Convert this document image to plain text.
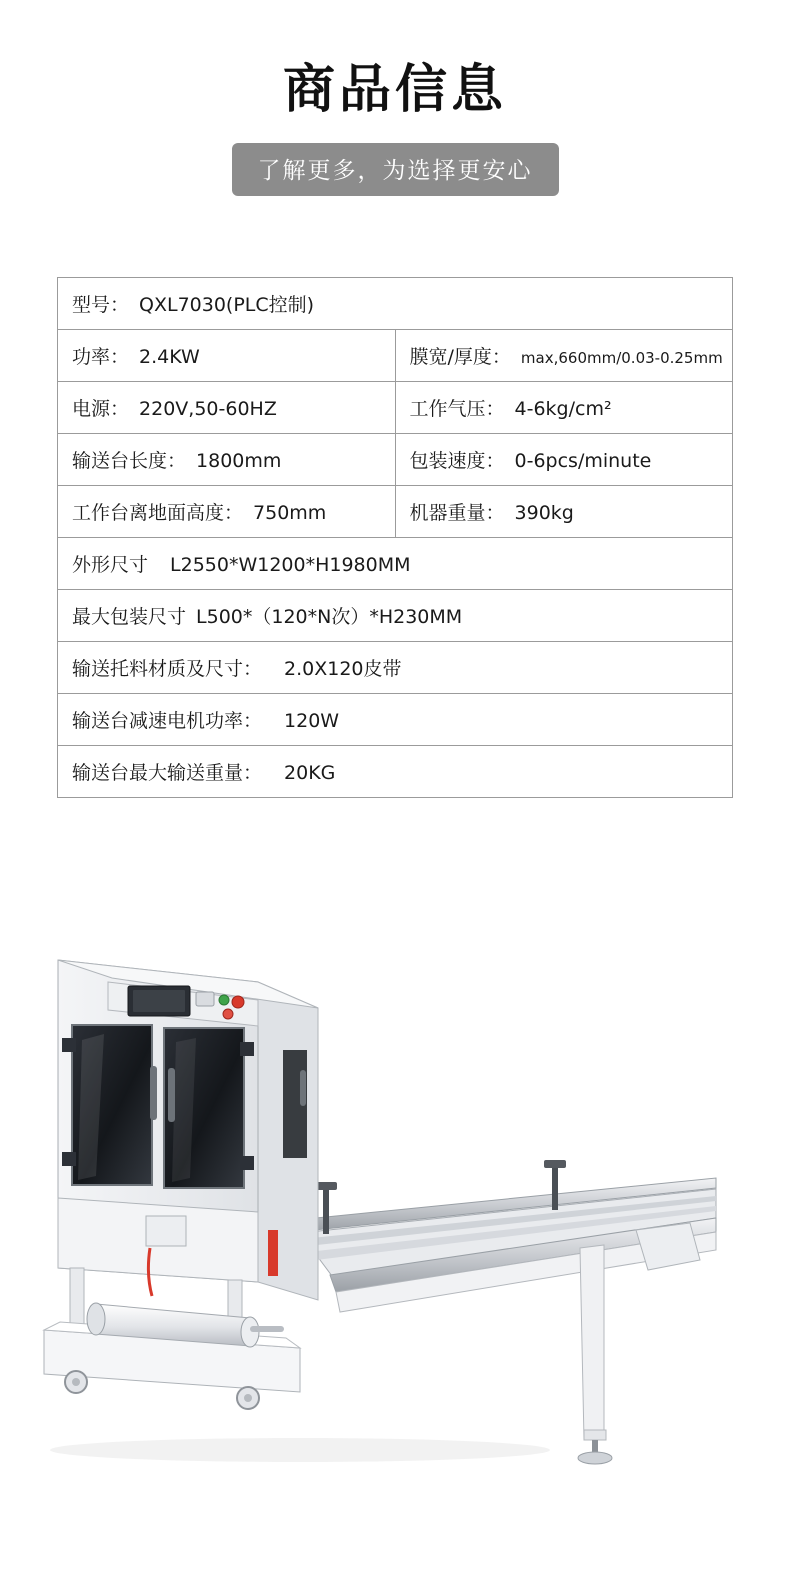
商品信息
了解更多，为选择更安心
型号： QXL7030(PLC控制)	
功率： 2.4KW	膜宽/厚度： max,660mm/0.03-0.25mm
电源： 220V,50-60HZ	工作气压： 4-6kg/cm²
输送台长度： 1800mm	包装速度： 0-6pcs/minute
工作台离地面高度： 750mm	机器重量： 390kg
外形尺寸 L2550*W1200*H1980MM	
最大包装尺寸 L500*（120*N次）*H230MM	
输送托料材质及尺寸： 2.0X120皮带	
输送台减速电机功率： 120W	
输送台最大输送重量： 20KG	
